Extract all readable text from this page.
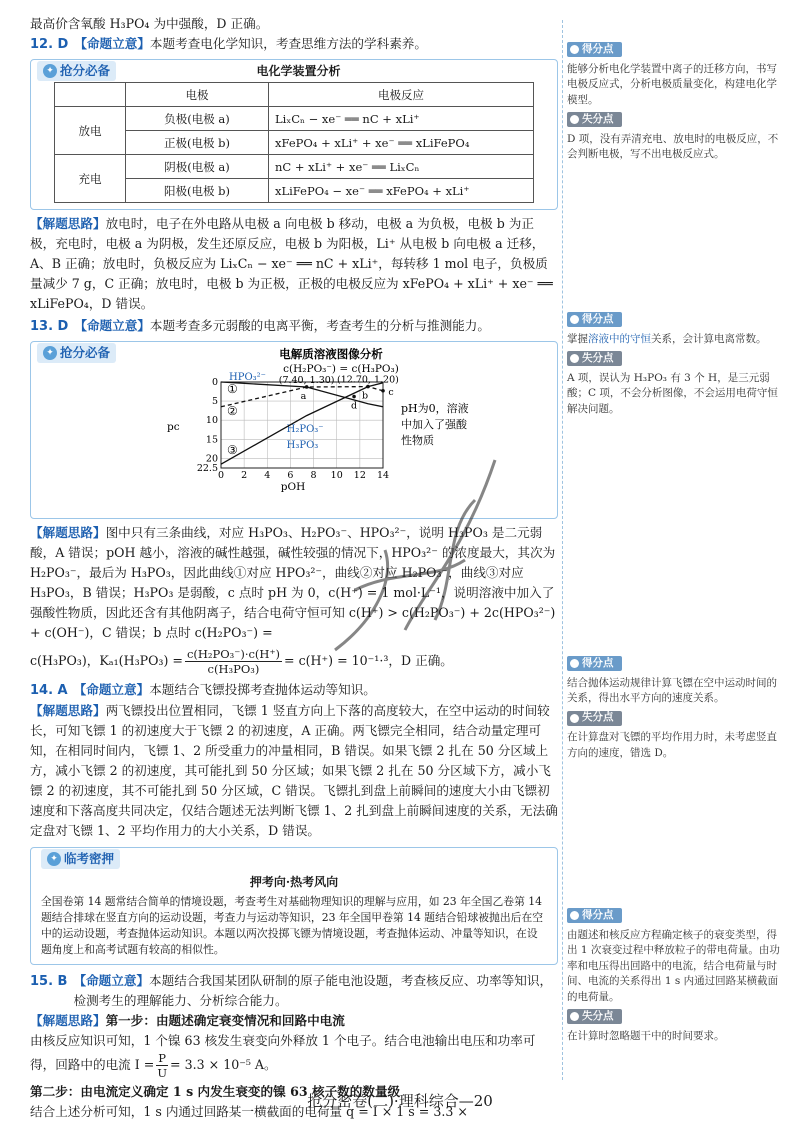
最高价含氧酸 H₃PO₄ 为中强酸，D 正确。

12. D 【命题立意】本题考查电化学知识，考查思维方法的学科素养。
✦ 抢分必备	电化学装置分析
	电极	电极反应
放电	负极(电极 a)	LiₓCₙ − xe⁻ ══ nC + xLi⁺
	正极(电极 b)	xFePO₄ + xLi⁺ + xe⁻ ══ xLiFePO₄
充电	阴极(电极 a)	nC + xLi⁺ + xe⁻ ══ LiₓCₙ
	阳极(电极 b)	xLiFePO₄ − xe⁻ ══ xFePO₄ + xLi⁺

【解题思路】放电时，电子在外电路从电极 a 向电极 b 移动，电极 a 为负极，电极 b 为正极，充电时，电极 a 为阴极，发生还原反应，电极 b 为阳极，Li⁺ 从电极 b 向电极 a 迁移，A、B 正确；放电时，负极反应为 LiₓCₙ − xe⁻ ══ nC + xLi⁺，每转移 1 mol 电子，负极质量减少 7 g，C 正确；放电时，电极 b 为正极，正极的电极反应为 xFePO₄ + xLi⁺ + xe⁻ ══ xLiFePO₄，D 错误。

13. D 【命题立意】本题考查多元弱酸的电离平衡，考查考生的分析与推测能力。
✦ 抢分必备	电解质溶液图像分析
c(H₂PO₃⁻) = c(H₃PO₃)
0 2 4 6 8 10 12 14
0
5
10
15
20
22.5
①
HPO₃²⁻
②
H₂PO₃⁻
③	H₃PO₃
(7.40, 1.30)
a
(12.70, 1.20)
b c
d
pc
pOH
pH为0，溶液
中加入了强酸
性物质

【解题思路】图中只有三条曲线，对应 H₃PO₃、H₂PO₃⁻、HPO₃²⁻，说明 H₃PO₃ 是二元弱酸，A 错误；pOH 越小，溶液的碱性越强，碱性较强的情况下，HPO₃²⁻ 的浓度最大，其次为 H₂PO₃⁻，最后为 H₃PO₃，因此曲线①对应 HPO₃²⁻，曲线②对应 H₂PO₃⁻，曲线③对应 H₃PO₃，B 错误；H₃PO₃ 是弱酸，c 点时 pH 为 0，c(H⁺) = 1 mol·L⁻¹，说明溶液中加入了强酸性物质，因此还含有其他阴离子，结合电荷守恒可知 c(H⁺) > c(H₂PO₃⁻) + 2c(HPO₃²⁻) + c(OH⁻)，C 错误；b 点时 c(H₂PO₃⁻) =

c(H₃PO₃)，$K_{a1}(H_3PO_3) = \frac{\text{c(H₂PO₃⁻)·c(H⁺)}}{\text{c(H₃PO₃)}} = c(H^+) = 10^{-1}\cdot^3$，D 正确。

14. A 【命题立意】本题结合飞镖投掷考查抛体运动等知识。

【解题思路】两飞镖投出位置相同，飞镖 1 竖直方向上下落的高度较大，在空中运动的时间较长，可知飞镖 1 的初速度大于飞镖 2 的初速度，A 正确。两飞镖完全相同，结合动量定理可知，在相同时间内，飞镖 1、2 所受重力的冲量相同，B 错误。如果飞镖 2 扎在 50 分区域上方，减小飞镖 2 的初速度，其可能扎到 50 分区域；如果飞镖 2 扎在 50 分区域下方，减小飞镖 2 的初速度，其不可能扎到 50 分区域，C 错误。飞镖扎到盘上前瞬间的速度大小由飞镖初速度和下落高度共同决定，仅结合题述无法判断飞镖 1、2 扎到盘上前瞬间速度的关系，无法确定盘对飞镖 1、2 平均作用力的大小关系，D 错误。

✦ 临考密押
押考向·热考风向
全国卷第 14 题常结合简单的情境设题，考查考生对基础物理知识的理解与应用，如 23 年全国乙卷第 14 题结合排球在竖直方向的运动设题，考查力与运动等知识，23 年全国甲卷第 14 题结合铅球被抛出后在空中的运动设题，考查抛体运动知识。本题以两次投掷飞镖为情境设题，考查抛体运动、冲量等知识，在设题角度上和高考试题有较高的相似性。
15. B 【命题立意】本题结合我国某团队研制的原子能电池设题，考查核反应、功率等知识，检测考生的理解能力、分析综合能力。

【解题思路】第一步：由题述确定衰变情况和回路中电流

由核反应知识可知，1 个镍 63 核发生衰变向外释放 1 个电子。结合电池输出电压和功率可得，回路中的电流 $I = \frac{P}{U} = 3.3 \times 10^{-5}$ A。

第二步：由电流定义确定 1 s 内发生衰变的镍 63 核子数的数量级

结合上述分析可知，1 s 内通过回路某一横截面的电荷量 q = I × 1 s = 3.3 ×

得分点

能够分析电化学装置中离子的迁移方向，书写电极反应式，分析电极质量变化，构建电化学模型。

失分点

D 项，没有弄清充电、放电时的电极反应，不会判断电极，写不出电极反应式。

得分点

掌握溶液中的守恒关系，会计算电离常数。

失分点

A 项，误认为 H₃PO₃ 有 3 个 H，是三元弱酸；C 项，不会分析图像，不会运用电荷守恒解决问题。

得分点

结合抛体运动规律计算飞镖在空中运动时间的关系，得出水平方向的速度关系。

失分点

在计算盘对飞镖的平均作用力时，未考虑竖直方向的速度，错选 D。

得分点

由题述和核反应方程确定核子的衰变类型，得出 1 次衰变过程中释放粒子的带电荷量。由功率和电压得出回路中的电流，结合电荷量与时间、电流的关系得出 1 s 内通过回路某横截面的电荷量。

失分点

在计算时忽略题干中的时间要求。

抢分密卷(二)·理科综合—20
